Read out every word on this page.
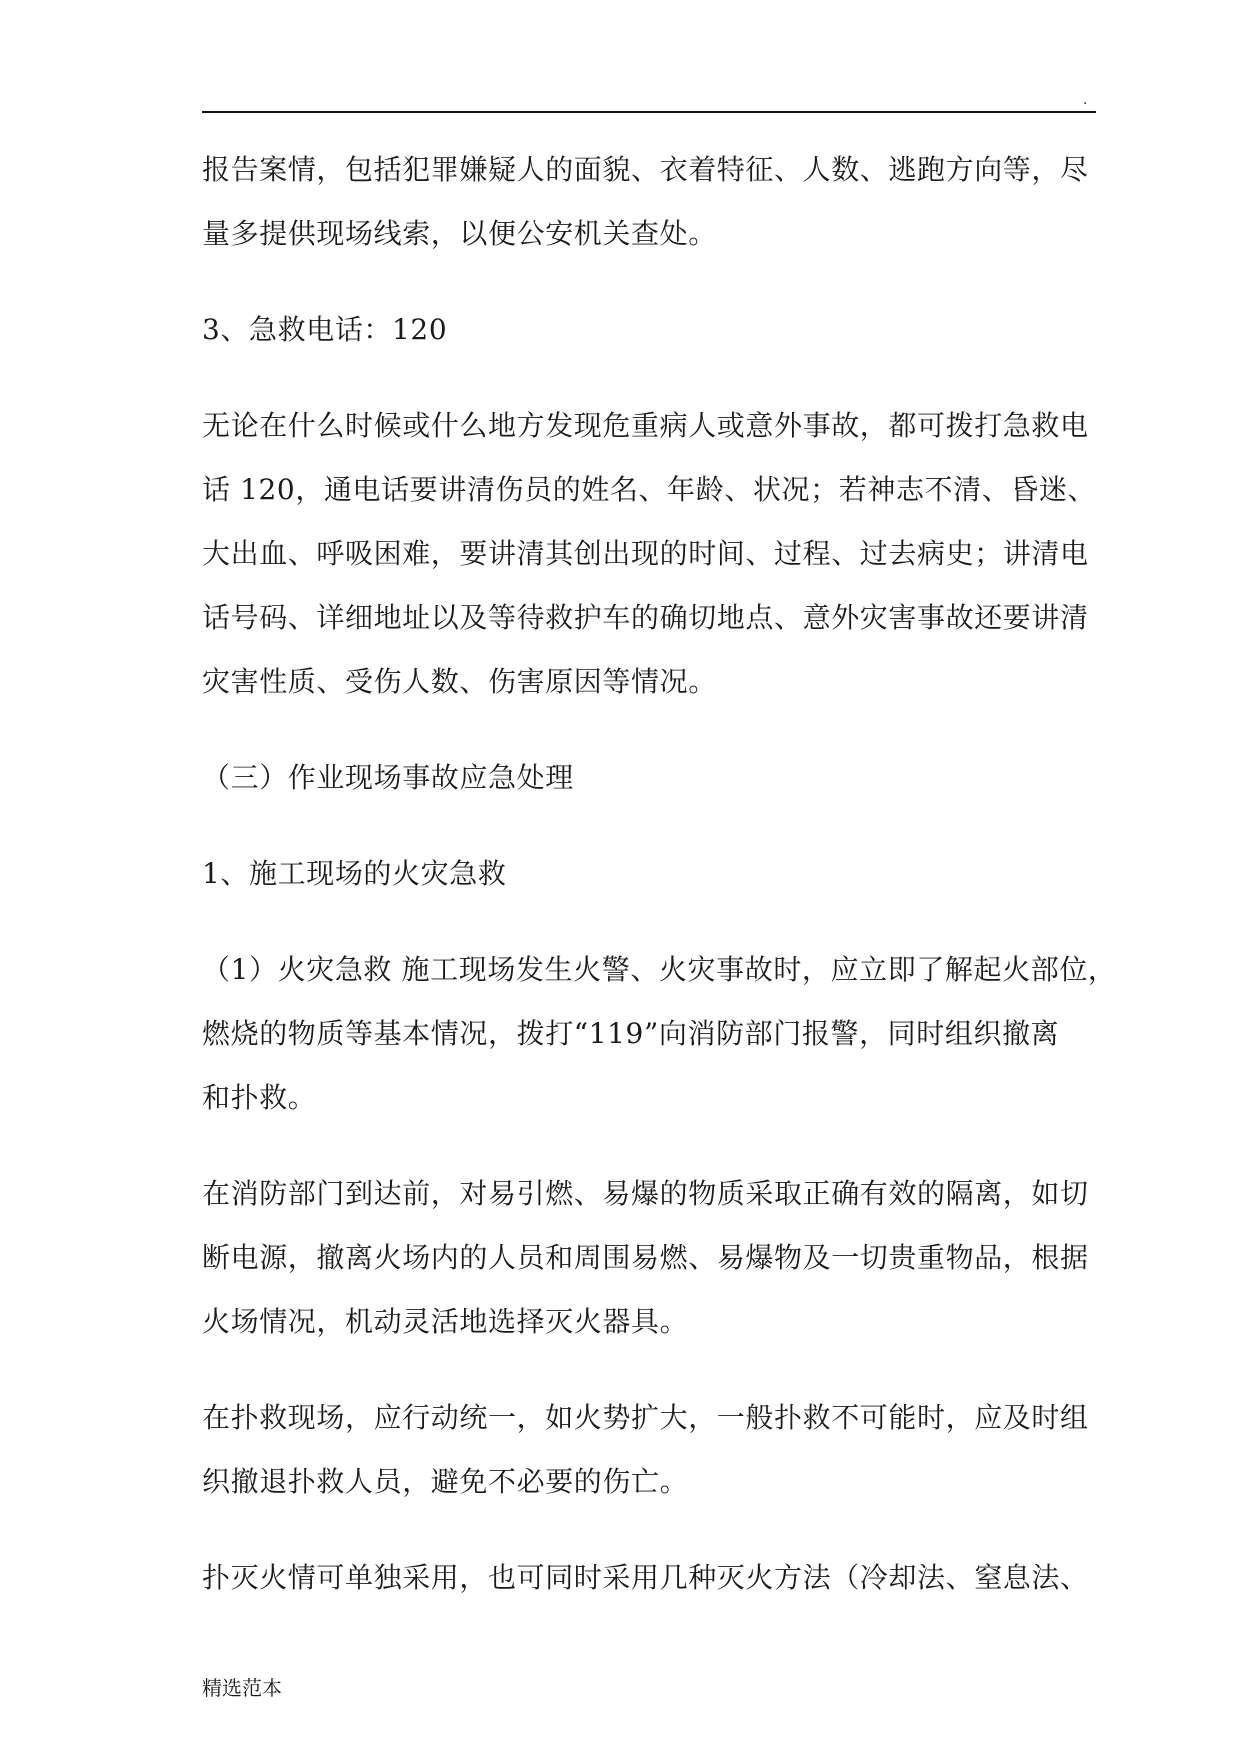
.
报告案情，包括犯罪嫌疑人的面貌、衣着特征、人数、逃跑方向等，尽
量多提供现场线索，以便公安机关查处。
3、急救电话：120
无论在什么时候或什么地方发现危重病人或意外事故，都可拨打急救电
话 120，通电话要讲清伤员的姓名、年龄、状况；若神志不清、昏迷、
大出血、呼吸困难，要讲清其创出现的时间、过程、过去病史；讲清电
话号码、详细地址以及等待救护车的确切地点、意外灾害事故还要讲清
灾害性质、受伤人数、伤害原因等情况。
（三）作业现场事故应急处理
1、施工现场的火灾急救
（1）火灾急救 施工现场发生火警、火灾事故时，应立即了解起火部位，
燃烧的物质等基本情况，拨打“119”向消防部门报警，同时组织撤离
和扑救。
在消防部门到达前，对易引燃、易爆的物质采取正确有效的隔离，如切
断电源，撤离火场内的人员和周围易燃、易爆物及一切贵重物品，根据
火场情况，机动灵活地选择灭火器具。
在扑救现场，应行动统一，如火势扩大，一般扑救不可能时，应及时组
织撤退扑救人员，避免不必要的伤亡。
扑灭火情可单独采用，也可同时采用几种灭火方法（冷却法、窒息法、
精选范本
